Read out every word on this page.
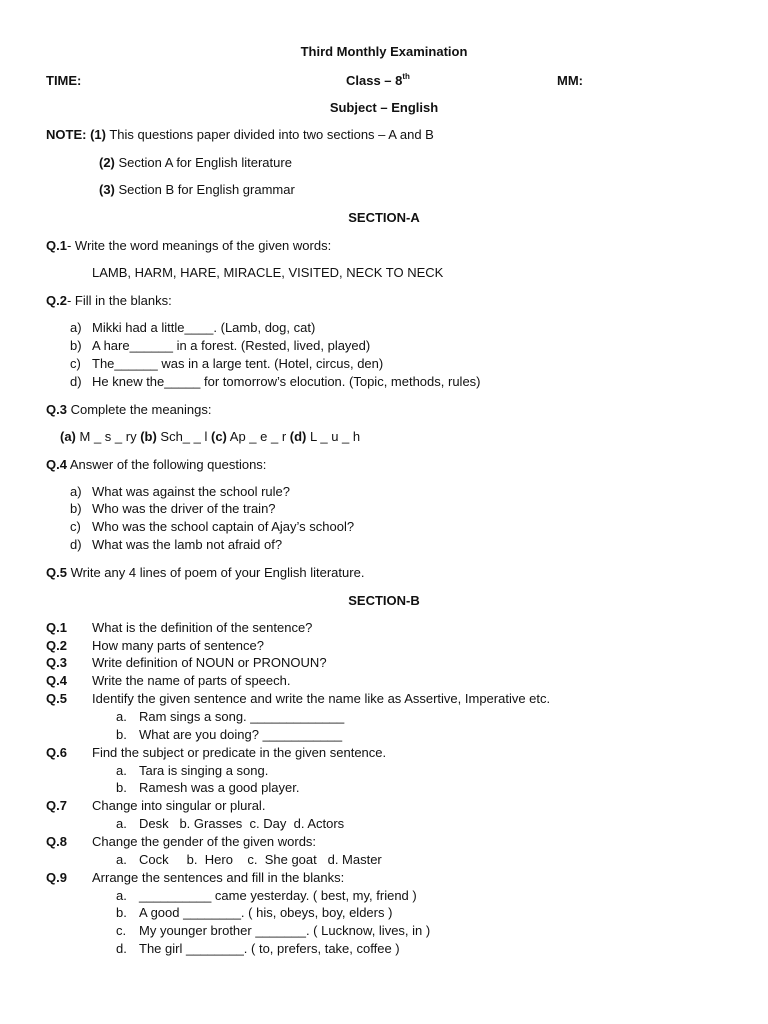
Third Monthly Examination
TIME:	Class – 8th	MM:
Subject – English
NOTE: (1) This questions paper divided into two sections – A and B
(2) Section A for English literature
(3) Section B for English grammar
SECTION-A
Q.1- Write the word meanings of the given words:
LAMB, HARM, HARE, MIRACLE, VISITED, NECK TO NECK
Q.2- Fill in the blanks:
a) Mikki had a little____. (Lamb, dog, cat)
b) A hare______ in a forest. (Rested, lived, played)
c) The______ was in a large tent. (Hotel, circus, den)
d) He knew the_____ for tomorrow’s elocution. (Topic, methods, rules)
Q.3 Complete the meanings:
(a) M _ s _ ry (b) Sch_ _ l (c) Ap _ e _ r (d) L _ u _ h
Q.4 Answer of the following questions:
a) What was against the school rule?
b) Who was the driver of the train?
c) Who was the school captain of Ajay’s school?
d) What was the lamb not afraid of?
Q.5 Write any 4 lines of poem of your English literature.
SECTION-B
Q.1 What is the definition of the sentence?
Q.2 How many parts of sentence?
Q.3 Write definition of NOUN or PRONOUN?
Q.4 Write the name of parts of speech.
Q.5 Identify the given sentence and write the name like as Assertive, Imperative etc.
a. Ram sings a song. _____________
b. What are you doing? ___________
Q.6 Find the subject or predicate in the given sentence.
a. Tara is singing a song.
b. Ramesh was a good player.
Q.7 Change into singular or plural.
a. Desk   b. Grasses  c. Day  d. Actors
Q.8 Change the gender of the given words:
a. Cock     b.  Hero    c.  She goat   d. Master
Q.9 Arrange the sentences and fill in the blanks:
a. __________ came yesterday. ( best, my, friend )
b. A good ________. ( his, obeys, boy, elders )
c. My younger brother _______. ( Lucknow, lives, in )
d. The girl ________. ( to, prefers, take, coffee )
